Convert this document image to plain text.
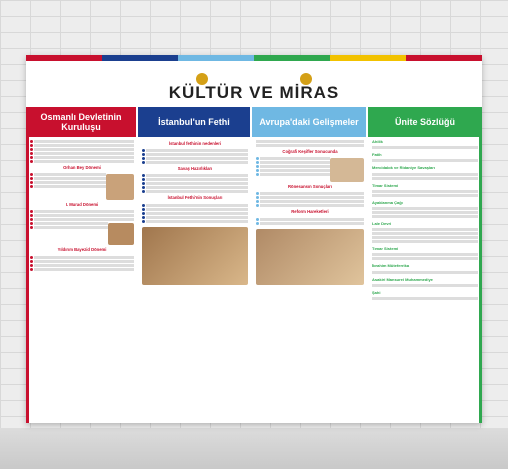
KÜLTÜR VE MİRAS
Osmanlı Devletinin Kuruluşu
Orhan Bey Dönemi
I. Murad Dönemi
Yıldırım Bayezid Dönemi
İstanbul'un Fethi
İstanbul fethinin nedenleri
Savaş Hazırlıkları
İstanbul Fethi'nin Sonuçları
Avrupa'daki Gelişmeler
Coğrafi Keşifler Sonucunda
Rönesansın Sonuçları
Reform Hareketleri
Ünite Sözlüğü
Ahilik
Fatih
Mercidabık ve Ridaniye Savaşları
Timar Sistemi
Ayaklanma Çağı
Lale Devri
Tımar Sistemi
İbrahim Müteferrika
Asakiri Mansurei Muhammediye
Şahi
